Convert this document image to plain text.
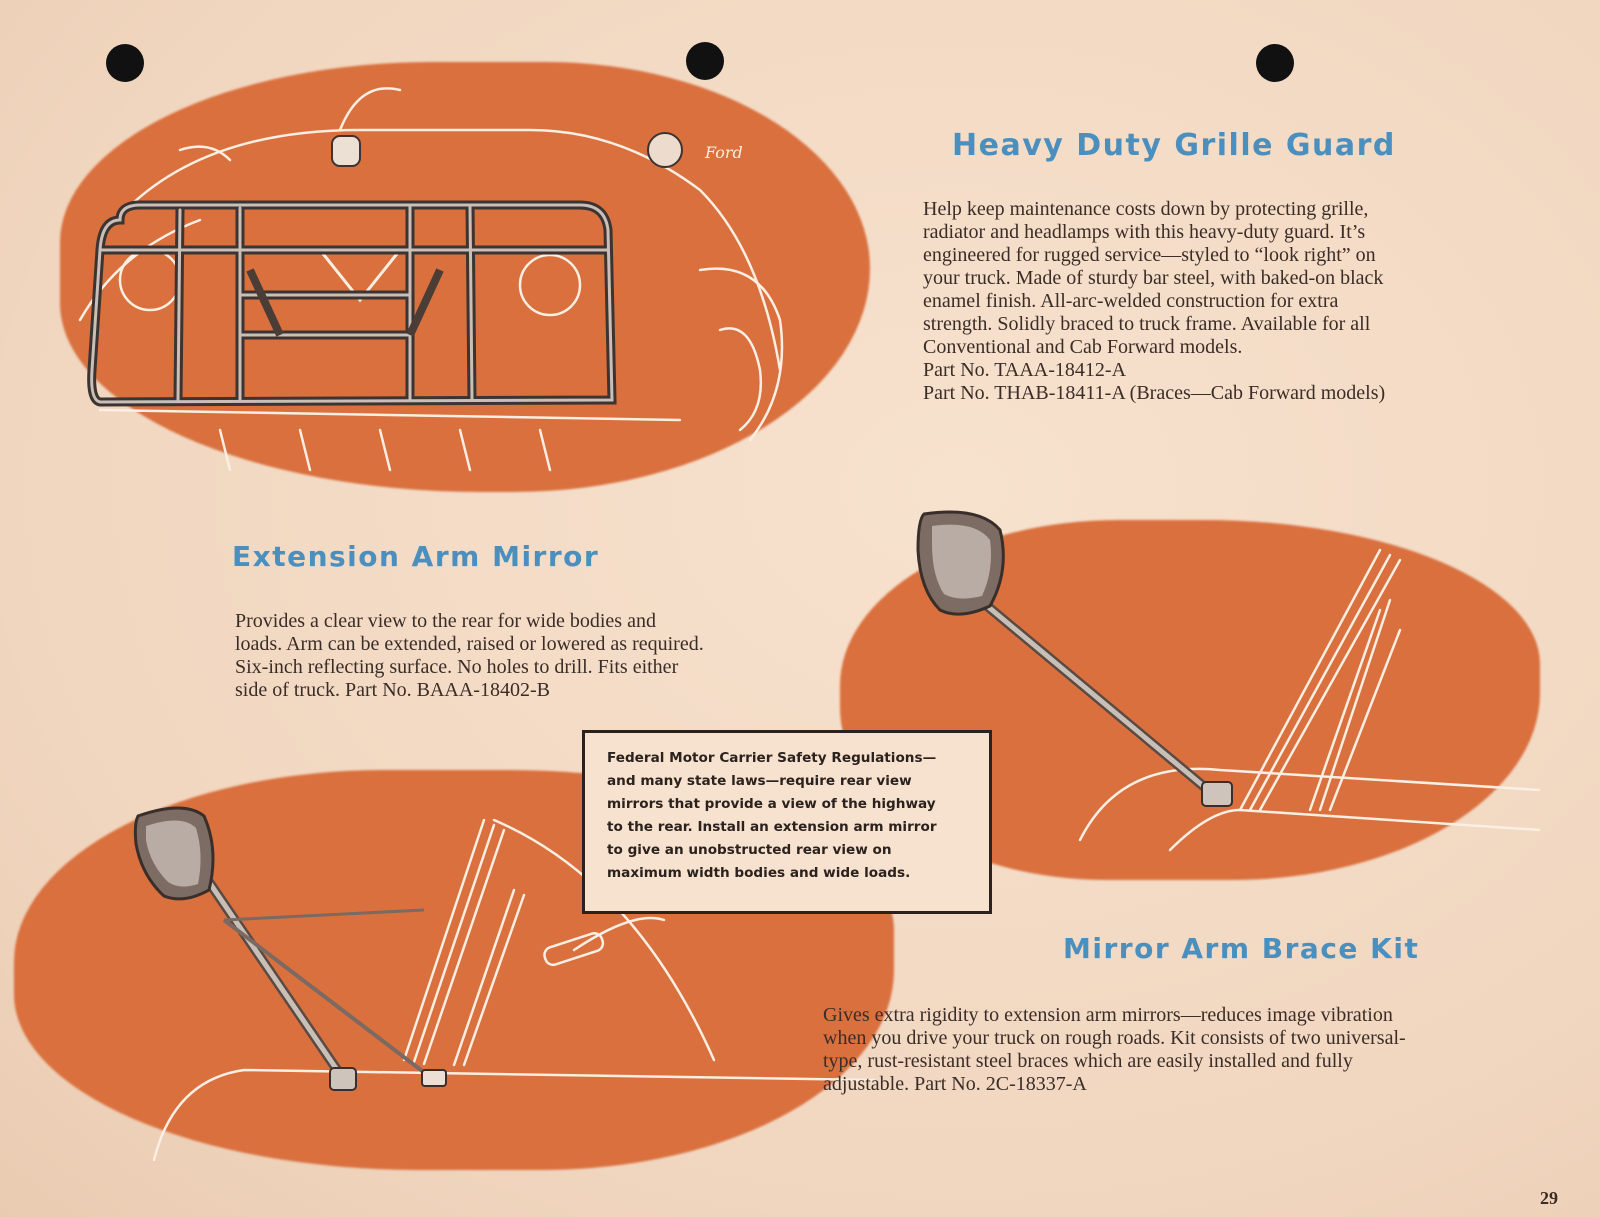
Ford	Heavy Duty Grille Guard
Help keep maintenance costs down by protecting grille,
radiator and headlamps with this heavy-duty guard. It’s
engineered for rugged service—styled to “look right” on
your truck. Made of sturdy bar steel, with baked-on black
enamel finish. All-arc-welded construction for extra
strength. Solidly braced to truck frame. Available for all
Conventional and Cab Forward models.
Part No. TAAA-18412-A
Part No. THAB-18411-A (Braces—Cab Forward models)
Extension Arm Mirror
Provides a clear view to the rear for wide bodies and
loads. Arm can be extended, raised or lowered as required.
Six-inch reflecting surface. No holes to drill. Fits either
side of truck. Part No. BAAA-18402-B

Federal Motor Carrier Safety Regulations—
and many state laws—require rear view
mirrors that provide a view of the highway
to the rear. Install an extension arm mirror
to give an unobstructed rear view on
maximum width bodies and wide loads.

Mirror Arm Brace Kit
Gives extra rigidity to extension arm mirrors—reduces image vibration
when you drive your truck on rough roads. Kit consists of two universal-
type, rust-resistant steel braces which are easily installed and fully
adjustable. Part No. 2C-18337-A

29
